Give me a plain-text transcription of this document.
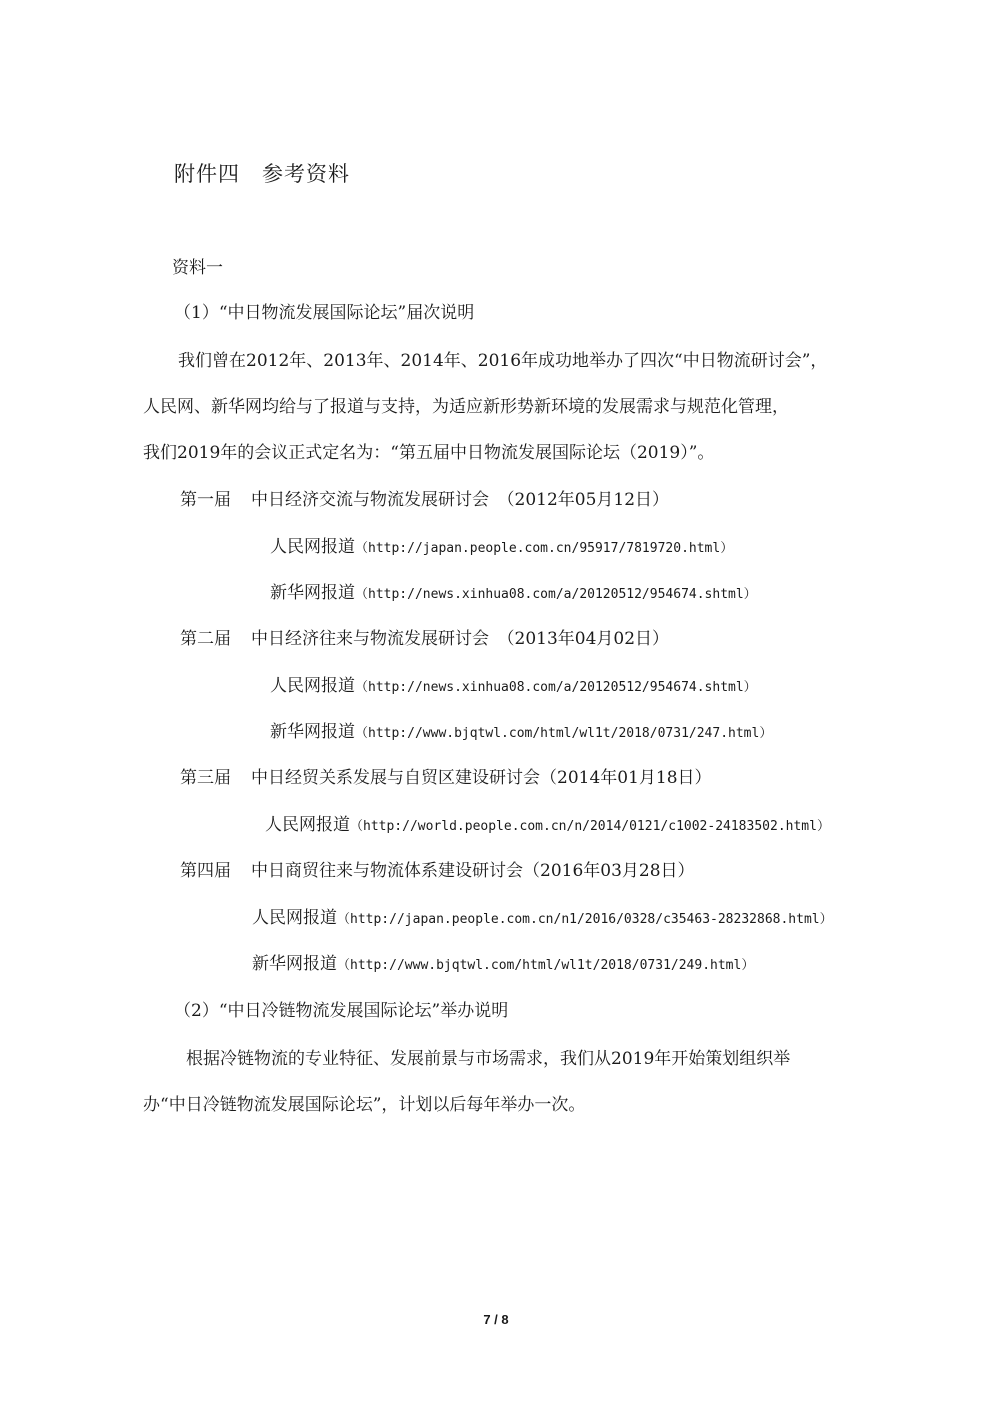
附件四　参考资料
资料一
（1）“中日物流发展国际论坛”届次说明
我们曾在2012年、2013年、2014年、2016年成功地举办了四次“中日物流研讨会”，
人民网、新华网均给与了报道与支持，为适应新形势新环境的发展需求与规范化管理，
我们2019年的会议正式定名为：“第五届中日物流发展国际论坛（2019）”。
第一届 中日经济交流与物流发展研讨会　（2012年05月12日）
人民网报道（http://japan.people.com.cn/95917/7819720.html）
新华网报道（http://news.xinhua08.com/a/20120512/954674.shtml）
第二届 中日经济往来与物流发展研讨会　（2013年04月02日）
人民网报道（http://news.xinhua08.com/a/20120512/954674.shtml）
新华网报道（http://www.bjqtwl.com/html/wl1t/2018/0731/247.html）
第三届 中日经贸关系发展与自贸区建设研讨会（2014年01月18日）
人民网报道（http://world.people.com.cn/n/2014/0121/c1002-24183502.html）
第四届 中日商贸往来与物流体系建设研讨会（2016年03月28日）
人民网报道（http://japan.people.com.cn/n1/2016/0328/c35463-28232868.html）
新华网报道（http://www.bjqtwl.com/html/wl1t/2018/0731/249.html）
（2）“中日冷链物流发展国际论坛”举办说明
根据冷链物流的专业特征、发展前景与市场需求，我们从2019年开始策划组织举
办“中日冷链物流发展国际论坛”，计划以后每年举办一次。
7 / 8
